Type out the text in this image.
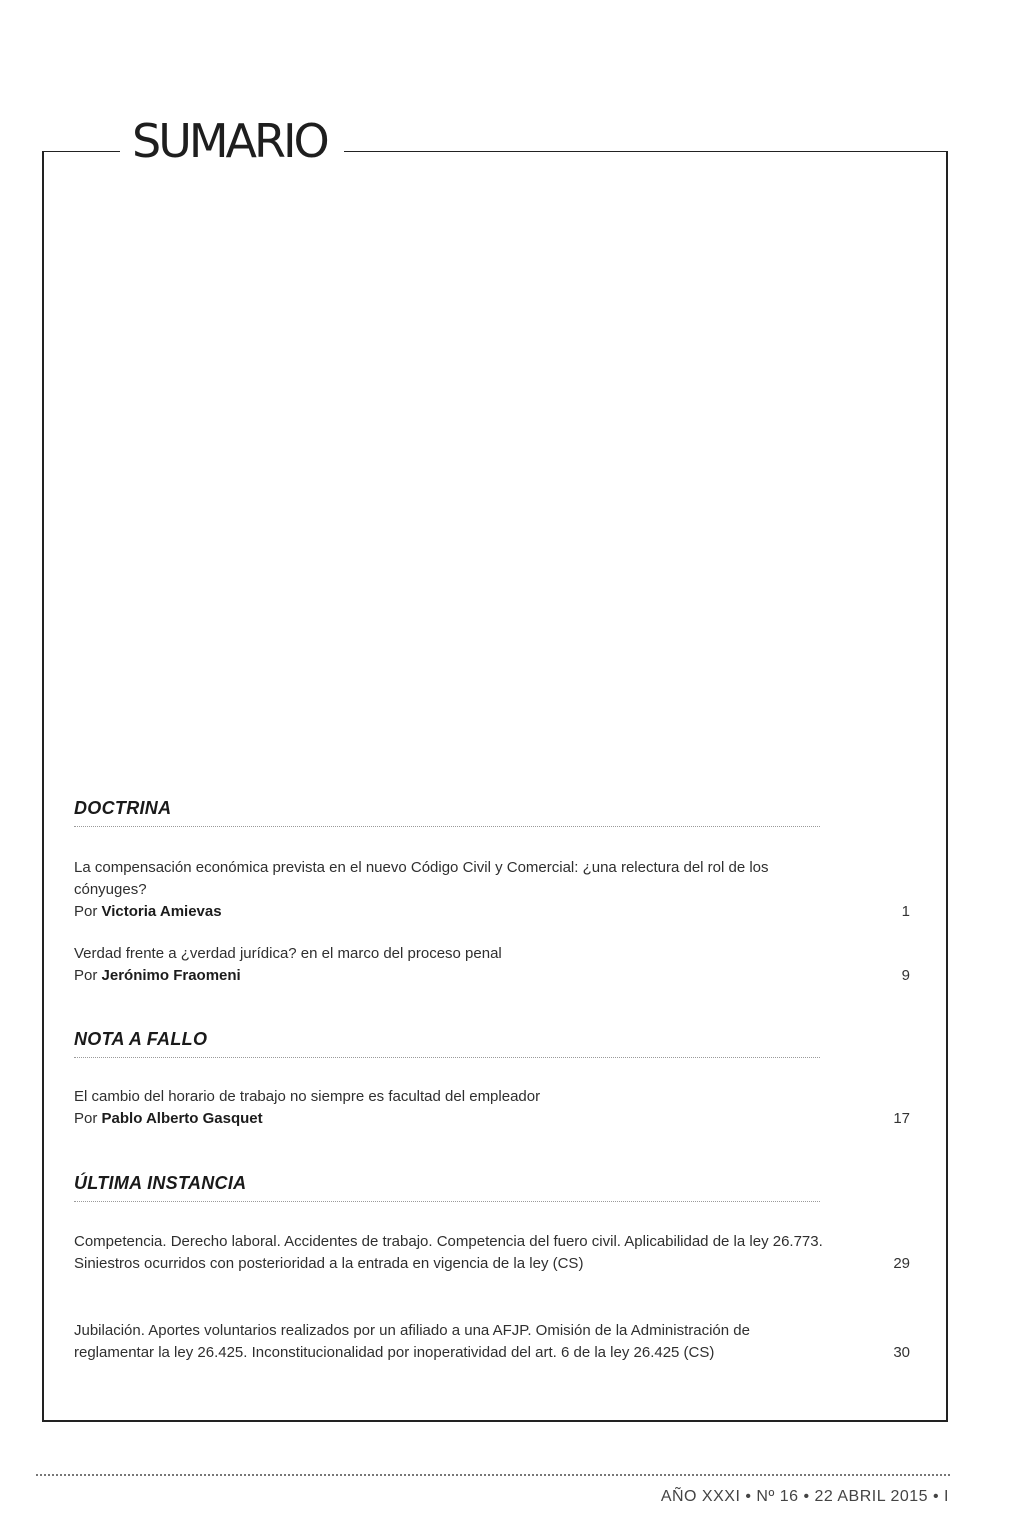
SUMARIO
DOCTRINA
La compensación económica prevista en el nuevo Código Civil y Comercial: ¿una relectura del rol de los cónyuges?
Por Victoria Amievas	1
Verdad frente a ¿verdad jurídica? en el marco del proceso penal
Por Jerónimo Fraomeni	9
NOTA A FALLO
El cambio del horario de trabajo no siempre es facultad del empleador
Por Pablo Alberto Gasquet	17
ÚLTIMA INSTANCIA
Competencia. Derecho laboral. Accidentes de trabajo. Competencia del fuero civil. Aplicabilidad de la ley 26.773. Siniestros ocurridos con posterioridad a la entrada en vigencia de la ley (CS)	29
Jubilación. Aportes voluntarios realizados por un afiliado a una AFJP. Omisión de la Administración de reglamentar la ley 26.425. Inconstitucionalidad por inoperatividad del art. 6 de la ley 26.425 (CS)	30
AÑO XXXI • Nº 16 • 22 ABRIL 2015 • I
